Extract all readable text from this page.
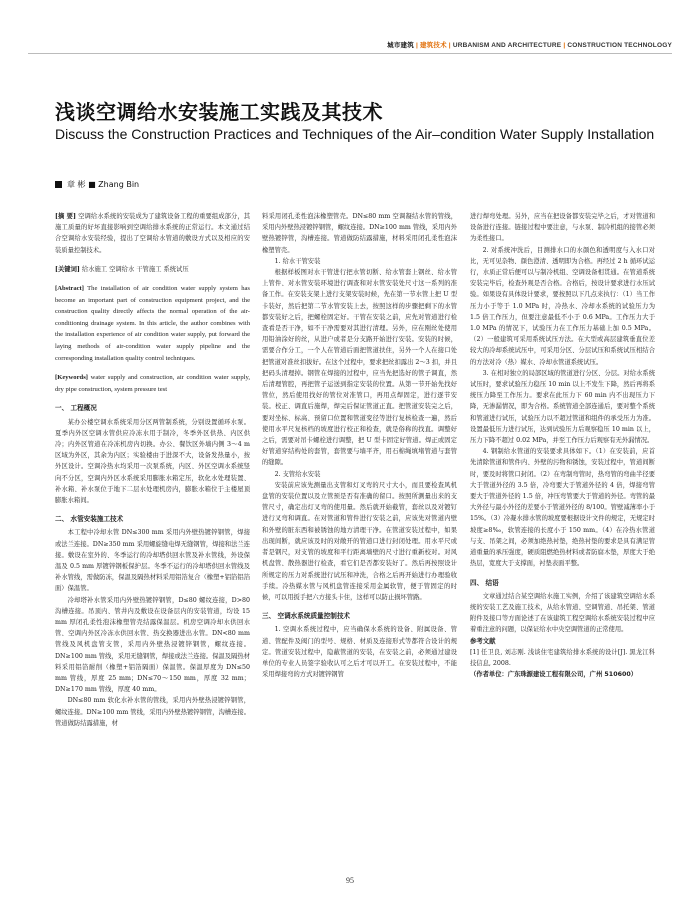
城市建筑 | 建筑技术 | URBANISM AND ARCHITECTURE | CONSTRUCTION TECHNOLOGY
浅谈空调给水安装施工实践及其技术
Discuss the Construction Practices and Techniques of the Air–condition Water Supply Installation
章 彬 ■ Zhang Bin

[摘 要] 空调给水系统的安装成为了建筑设备工程的重要组成部分，其施工质量的好坏直接影响到空调给排水系统的正常运行。本文通过结合空调给水安装经验，提出了空调给水管道的敷设方式以及相应的安装质量控制技术。

[关键词] 给水施工 空调给水 干管施工 系统试压

[Abstract] The installation of air condition water supply system has become an important part of construction equipment project, and the construction quality directly affects the normal operation of the air-conditioning drainage system. In this article, the author combines with the installation experience of air condition water supply, put forward the laying methods of air-condition water supply pipeline and the corresponding installation quality control techniques.

[Keywords] water supply and construction, air condition water supply, dry pipe construction, system pressure test

一、 工程概况

某办公楼空调水系统采用分区两管制系统，分别设置循环水泵。夏季内外区空调水管供应冷冻水用于制冷，冬季外区供热、内区供冷；内外区管道在冷冻机房内切换。办公、餐饮区外墙内侧 3～4 m 区域为外区，其余为内区；实验楼由于进深不大，设备发热量小，按外区设计。空调冷热水均采用一次泵系统，内区、外区空调水系统竖向不分区，空调内外区水系统采用膨胀水箱定压，软化水处理装置、补水箱、补水泵位于地下二层水处理机房内，膨胀水箱位于主楼屋顶膨胀水箱间。

二、 水管安装施工技术

本工程中冷却水管 DN≤300 mm 采用内外壁热镀锌钢管，焊接或法兰连接。DN≥350 mm 采用螺旋缝电焊无缝钢管，焊接和法兰连接。敷设在室外的、冬季运行的冷却塔供回水管及补水管线，外设保温及 0.5 mm 厚镀锌钢板保护层。冬季不运行的冷却塔供回水管线及补水管线，需做防冻，保温及隔热材料采用铝箔复合（橡塑+铝箔铝箔面）保温管。

冷却塔补水管采用内外壁热镀锌钢管，D≤80 螺纹连接，D>80 沟槽连接。吊顶内、管井内及敷设在设备层内的安装管道，均设 15 mm 厚闭孔柔性泡沫橡塑管壳结露保温层。机房空调冷却水供回水管、空调内外区冷冻水供回水管、热交换器进出水管。DN<80 mm 管线及风机盘管支管，采用内外壁热浸镀锌钢管，螺纹连接。DN≥100 mm 管线，采用无缝钢管，焊接或法兰连接。保温及隔热材料采用铝箔耐削（橡塑+铝箔隔面）保温管。保温厚度为 DN≤50 mm 管线，厚度 25 mm；DN≤70～150 mm，厚度 32 mm；DN≥170 mm 管线，厚度 40 mm。

DN≤80 mm 软化水补水管的管线，采用内外壁热浸镀锌钢管，螺纹连接。DN≥100 mm 管线，采用内外壁热镀锌钢管，沟槽连接。管道做防结露措施，材

料采用闭孔柔性泡沫橡塑管壳。DN≤80 mm 空调凝结水管的管线，采用内外壁热浸镀锌钢管，螺纹连接。DN≥100 mm 管线，采用内外壁热镀锌管，沟槽连接。管道做防结露措施，材料采用闭孔柔性泡沫橡塑管壳。

1. 给水干管安装

根据样板图对水干管进行把水管切断、给水管套上钢丝、给水管上管件、对水管安装环境进行调查和对水管安装处尺寸这一系列的准备工作。在安装支架上进行支架安装时候，先在第一节水管上把 U 型卡装好，然后把第二节水管安装上去，按照这样的步骤把剩下的水管都安装好之后，把螺栓固定好。干管在安装之前，应先对管道进行检查看是否干净，如不干净需要对其进行清理。另外，应在刚丝处使用用铅油涂好的丝，从进户或者是分支路开始进行安装。安装的时候，需要合作分工，一个人在管道后面把管道扶住，另外一个人在接口处把管道对准丝扣拔好。在这个过程中，要求把丝扣露出 2～3 扣，并且把码头清理掉。钢管在焊接的过程中，应当先把选好的管子调直，然后清理管腔，再把管子运送到指定安装的位置。从第一节开始先找好管位，然后使用找好的管位对准管口，再用点焊固定，进行逐节安装。校正、调直后施焊，焊完后保证管道正直。把管道安装完之后，要对坐标、标高、预留口位置和管道变径等进行复核检查一遍，然后使用水平尺复核档的坡度进行校正和检查，就是俗称的找直。调整好之后，需要对吊卡螺栓进行调整，把 U 型卡固定好管道。焊正或固定好管道穿结构处的套管，套管要与墙平齐，用石棉绳填堵管道与套管的缝隙。

2. 支管给水安装

安装前应该先测量出支管和灯叉弯的尺寸大小，而且要检查风机盘管的安装位置以及立管预是否有准确的留口。按照所测量出来的支管尺寸，确定出灯叉弯的使用量。然后就开始截管，套丝以及对镀钉进行叉弯和调直。在对管道和管件进行安装之前，应该先对管道内壁和外壁的脏东西和被锈蚀的地方清理干净。在管道安装过程中，如果出现间断，就应该及时的对敞开的管道口进行封闭处理。用水平尺或者是钢尺，对支管的坡度和平行距离墙壁的尺寸进行重新校对。对风机盘管、散热器进行检查，看它们是否都安装好了。然后再按照设计所规定的压力对系统进行试压和冲洗，合格之后再开始进行办理验收手续。冷热媒水管与风机盘管连接采用金属软管，便于管固定的时候，可以用扳手把六方接头卡住，这样可以防止损坏管路。

三、 空调水系统质量控制技术

1. 空调水系统过程中，应当确保水系统的设备、附属设备、管道、管配件及阀门的型号、规格、材质及连接形式等都符合设计的规定。管道安装过程中，隐蔽管道的安装，在安装之前，必须通过建设单位的专业人员签字验收认可之后才可以开工。在安装过程中，不能采用焊接弯的方式对镀锌钢管

进行焊弯处理。另外，应当在把设备都安装完毕之后，才对管道和设备进行连接。链接过程中要注意，与水泵、制冷机组的接管必须为柔性接口。

2. 对系统冲洗后，目测排水口的水颜色和透明度与入水口对比，无可见杂物、颜色澄清、透明即为合格。再经过 2 h 循环试运行，水质正常后便可以与制冷机组、空调设备相贯通。在管道系统安装完毕后，检查外观是否合格。合格后，按设计要求进行水压试验。如果设有具体设计要求，要按照以下几点来执行：（1）当工作压力小于等于 1.0 MPa 时，冷热水、冷却水系统的试验压力为 1.5 倍工作压力，但要注意最低不小于 0.6 MPa。工作压力大于 1.0 MPa 的情况下，试验压力在工作压力基础上加 0.5 MPa。（2）一般建筑可采用系统试压方法。在大型或高层建筑垂直位差较大的冷却系统试压中，可采用分区、分层试压和系统试压相结合的方法对冷（热）媒水、冷却水管道系统试压。

3. 在相对独立的局部区域的管道进行分区、分层。对给水系统试压时，要求试验压力稳压 10 min 以上不发生下降，然后再将系统压力降至工作压力。要求在此压力下 60 min 内不出现压力下降，无渗漏情况，即为合格。系统管道全部连通后，要对整个系统和管道进行试压，试验压力以不超过管道和组件的承受压力为准。设置最低压力进行试压，达到试验压力后观察稳压 10 min 以上，压力下降不超过 0.02 MPa，并至工作压力后观察有无外漏情况。

4. 钢制给水管道的安装要求具体如下。（1）在安装前，应首先清除管道和管件内、外壁的污物和锈蚀，安装过程中，管道间断时，要及时将管口封闭。（2）在弯制弯管时，热弯管的弯曲半径要大于管道外径的 3.5 倍，冷弯要大于管道外径的 4 倍，焊接弯管要大于管道外径的 1.5 倍，冲压弯管要大于管道的外径。弯管的最大外径与最小外径的差要小于管道外径的 8/100。管壁减薄率小于 15%。（3）冷凝水排水管的坡度要根据设计文件的规定，无规定时坡度≥8‰，软管连接的长度小于 150 mm。（4）在冷热水管道与支、吊架之间，必须加绝热衬垫，绝热衬垫的要求是具有满足管道重量的承压强度，硬质阻燃绝热材料或者防腐木垫，厚度大于绝热层，宽度大于支撑面，衬垫表面平整。

四、 结语

文章通过结合某空调给水施工实例，介绍了该建筑空调给水系统的安装工艺及施工技术，从给水管道、空调管道、吊托架、管道附件及接口等方面论述了在该建筑工程空调给水系统安装过程中应着重注意的问题，以保证给水中央空调管道的正常使用。

参考文献

[1] 任卫良, 刘志刚. 浅谈住宅建筑给排水系统的设计[J]. 黑龙江科技信息, 2008.

（作者单位：广东珠源建设工程有限公司，广州 510600）

95
